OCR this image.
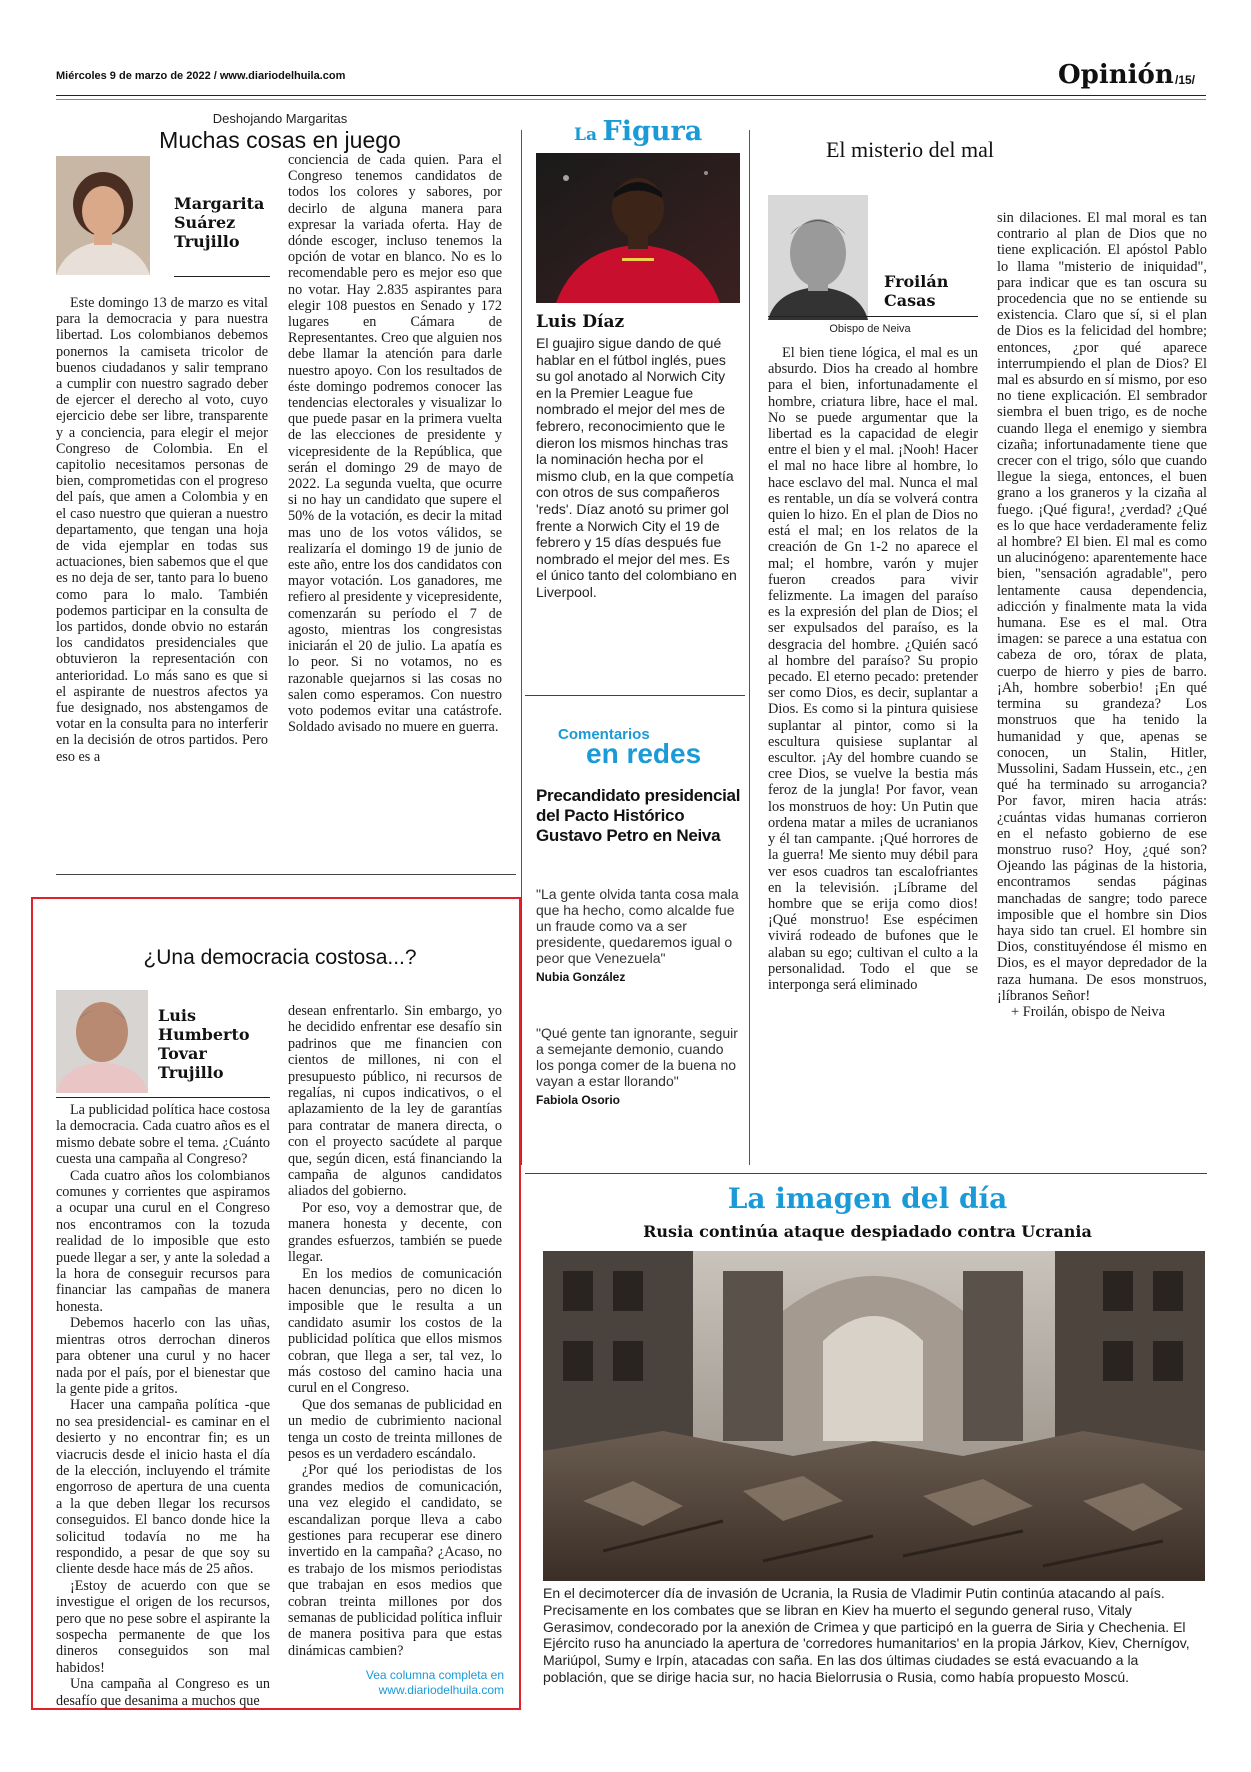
Miércoles 9 de marzo de 2022 / www.diariodelhuila.com	Opinión /15/
Deshojando Margaritas
Muchas cosas en juego
Margarita
Suárez
Trujillo
Este domingo 13 de marzo es vital para la democracia y para nuestra libertad. Los colombianos debemos ponernos la camiseta tricolor de buenos ciudadanos y salir temprano a cumplir con nuestro sagrado deber de ejercer el derecho al voto, cuyo ejercicio debe ser libre, transparente y a conciencia, para elegir el mejor Congreso de Colombia. En el capitolio necesitamos personas de bien, comprometidas con el progreso del país, que amen a Colombia y en el caso nuestro que quieran a nuestro departamento, que tengan una hoja de vida ejemplar en todas sus actuaciones, bien sabemos que el que es no deja de ser, tanto para lo bueno como para lo malo. También podemos participar en la consulta de los partidos, donde obvio no estarán los candidatos presidenciales que obtuvieron la representación con anterioridad. Lo más sano es que si el aspirante de nuestros afectos ya fue designado, nos abstengamos de votar en la consulta para no interferir en la decisión de otros partidos. Pero eso es a
conciencia de cada quien. Para el Congreso tenemos candidatos de todos los colores y sabores, por decirlo de alguna manera para expresar la variada oferta. Hay de dónde escoger, incluso tenemos la opción de votar en blanco. No es lo recomendable pero es mejor eso que no votar. Hay 2.835 aspirantes para elegir 108 puestos en Senado y 172 lugares en Cámara de Representantes. Creo que alguien nos debe llamar la atención para darle nuestro apoyo. Con los resultados de éste domingo podremos conocer las tendencias electorales y visualizar lo que puede pasar en la primera vuelta de las elecciones de presidente y vicepresidente de la República, que serán el domingo 29 de mayo de 2022. La segunda vuelta, que ocurre si no hay un candidato que supere el 50% de la votación, es decir la mitad mas uno de los votos válidos, se realizaría el domingo 19 de junio de este año, entre los dos candidatos con mayor votación. Los ganadores, me refiero al presidente y vicepresidente, comenzarán su período el 7 de agosto, mientras los congresistas iniciarán el 20 de julio. La apatía es lo peor. Si no votamos, no es razonable quejarnos si las cosas no salen como esperamos. Con nuestro voto podemos evitar una catástrofe. Soldado avisado no muere en guerra.
La Figura
Luis Díaz
El guajiro sigue dando de qué hablar en el fútbol inglés, pues su gol anotado al Norwich City en la Premier League fue nombrado el mejor del mes de febrero, reconocimiento que le dieron los mismos hinchas tras la nominación hecha por el mismo club, en la que competía con otros de sus compañeros 'reds'. Díaz anotó su primer gol frente a Norwich City el 19 de febrero y 15 días después fue nombrado el mejor del mes. Es el único tanto del colombiano en Liverpool.
Comentarios
en redes
Precandidato presidencial del Pacto Histórico Gustavo Petro en Neiva
"La gente olvida tanta cosa mala que ha hecho, como alcalde fue un fraude como va a ser presidente, quedaremos igual o peor que Venezuela"
Nubia González
"Qué gente tan ignorante, seguir a semejante demonio, cuando los ponga comer de la buena no vayan a estar llorando"
Fabiola Osorio
El misterio del mal
Froilán
Casas
Obispo de Neiva
El bien tiene lógica, el mal es un absurdo. Dios ha creado al hombre para el bien, infortunadamente el hombre, criatura libre, hace el mal. No se puede argumentar que la libertad es la capacidad de elegir entre el bien y el mal. ¡Nooh! Hacer el mal no hace libre al hombre, lo hace esclavo del mal. Nunca el mal es rentable, un día se volverá contra quien lo hizo. En el plan de Dios no está el mal; en los relatos de la creación de Gn 1-2 no aparece el mal; el hombre, varón y mujer fueron creados para vivir felizmente. La imagen del paraíso es la expresión del plan de Dios; el ser expulsados del paraíso, es la desgracia del hombre. ¿Quién sacó al hombre del paraíso? Su propio pecado. El eterno pecado: pretender ser como Dios, es decir, suplantar a Dios. Es como si la pintura quisiese suplantar al pintor, como si la escultura quisiese suplantar al escultor. ¡Ay del hombre cuando se cree Dios, se vuelve la bestia más feroz de la jungla! Por favor, vean los monstruos de hoy: Un Putin que ordena matar a miles de ucranianos y él tan campante. ¡Qué horrores de la guerra! Me siento muy débil para ver esos cuadros tan escalofriantes en la televisión. ¡Líbrame del hombre que se erija como dios! ¡Qué monstruo! Ese espécimen vivirá rodeado de bufones que le alaban su ego; cultivan el culto a la personalidad. Todo el que se interponga será eliminado
sin dilaciones. El mal moral es tan contrario al plan de Dios que no tiene explicación. El apóstol Pablo lo llama "misterio de iniquidad", para indicar que es tan oscura su procedencia que no se entiende su existencia. Claro que sí, si el plan de Dios es la felicidad del hombre; entonces, ¿por qué aparece interrumpiendo el plan de Dios? El mal es absurdo en sí mismo, por eso no tiene explicación. El sembrador siembra el buen trigo, es de noche cuando llega el enemigo y siembra cizaña; infortunadamente tiene que crecer con el trigo, sólo que cuando llegue la siega, entonces, el buen grano a los graneros y la cizaña al fuego. ¡Qué figura!, ¿verdad? ¿Qué es lo que hace verdaderamente feliz al hombre? El bien. El mal es como un alucinógeno: aparentemente hace bien, "sensación agradable", pero lentamente causa dependencia, adicción y finalmente mata la vida humana. Ese es el mal. Otra imagen: se parece a una estatua con cabeza de oro, tórax de plata, cuerpo de hierro y pies de barro. ¡Ah, hombre soberbio! ¡En qué termina su grandeza? Los monstruos que ha tenido la humanidad y que, apenas se conocen, un Stalin, Hitler, Mussolini, Sadam Hussein, etc., ¿en qué ha terminado su arrogancia? Por favor, miren hacia atrás: ¿cuántas vidas humanas corrieron en el nefasto gobierno de ese monstruo ruso? Hoy, ¿qué son? Ojeando las páginas de la historia, encontramos sendas páginas manchadas de sangre; todo parece imposible que el hombre sin Dios haya sido tan cruel. El hombre sin Dios, constituyéndose él mismo en Dios, es el mayor depredador de la raza humana. De esos monstruos, ¡líbranos Señor!
+ Froilán, obispo de Neiva
¿Una democracia costosa...?
Luis
Humberto
Tovar
Trujillo

La publicidad política hace costosa la democracia. Cada cuatro años es el mismo debate sobre el tema. ¿Cuánto cuesta una campaña al Congreso?

Cada cuatro años los colombianos comunes y corrientes que aspiramos a ocupar una curul en el Congreso nos encontramos con la tozuda realidad de lo imposible que esto puede llegar a ser, y ante la soledad a la hora de conseguir recursos para financiar las campañas de manera honesta.

Debemos hacerlo con las uñas, mientras otros derrochan dineros para obtener una curul y no hacer nada por el país, por el bienestar que la gente pide a gritos.

Hacer una campaña política -que no sea presidencial- es caminar en el desierto y no encontrar fin; es un viacrucis desde el inicio hasta el día de la elección, incluyendo el trámite engorroso de apertura de una cuenta a la que deben llegar los recursos conseguidos. El banco donde hice la solicitud todavía no me ha respondido, a pesar de que soy su cliente desde hace más de 25 años.

¡Estoy de acuerdo con que se investigue el origen de los recursos, pero que no pese sobre el aspirante la sospecha permanente de que los dineros conseguidos son mal habidos!

Una campaña al Congreso es un desafío que desanima a muchos que

desean enfrentarlo. Sin embargo, yo he decidido enfrentar ese desafío sin padrinos que me financien con cientos de millones, ni con el presupuesto público, ni recursos de regalías, ni cupos indicativos, o el aplazamiento de la ley de garantías para contratar de manera directa, o con el proyecto sacúdete al parque que, según dicen, está financiando la campaña de algunos candidatos aliados del gobierno.

Por eso, voy a demostrar que, de manera honesta y decente, con grandes esfuerzos, también se puede llegar.

En los medios de comunicación hacen denuncias, pero no dicen lo imposible que le resulta a un candidato asumir los costos de la publicidad política que ellos mismos cobran, que llega a ser, tal vez, lo más costoso del camino hacia una curul en el Congreso.

Que dos semanas de publicidad en un medio de cubrimiento nacional tenga un costo de treinta millones de pesos es un verdadero escándalo.

¿Por qué los periodistas de los grandes medios de comunicación, una vez elegido el candidato, se escandalizan porque lleva a cabo gestiones para recuperar ese dinero invertido en la campaña? ¿Acaso, no es trabajo de los mismos periodistas que trabajan en esos medios que cobran treinta millones por dos semanas de publicidad política influir de manera positiva para que estas dinámicas cambien?

Vea columna completa en
www.diariodelhuila.com
La imagen del día
Rusia continúa ataque despiadado contra Ucrania
En el decimotercer día de invasión de Ucrania, la Rusia de Vladimir Putin continúa atacando al país. Precisamente en los combates que se libran en Kiev ha muerto el segundo general ruso, Vitaly Gerasimov, condecorado por la anexión de Crimea y que participó en la guerra de Siria y Chechenia. El Ejército ruso ha anunciado la apertura de 'corredores humanitarios' en la propia Járkov, Kiev, Chernígov, Mariúpol, Sumy e Irpín, atacadas con saña. En las dos últimas ciudades se está evacuando a la población, que se dirige hacia sur, no hacia Bielorrusia o Rusia, como había propuesto Moscú.
